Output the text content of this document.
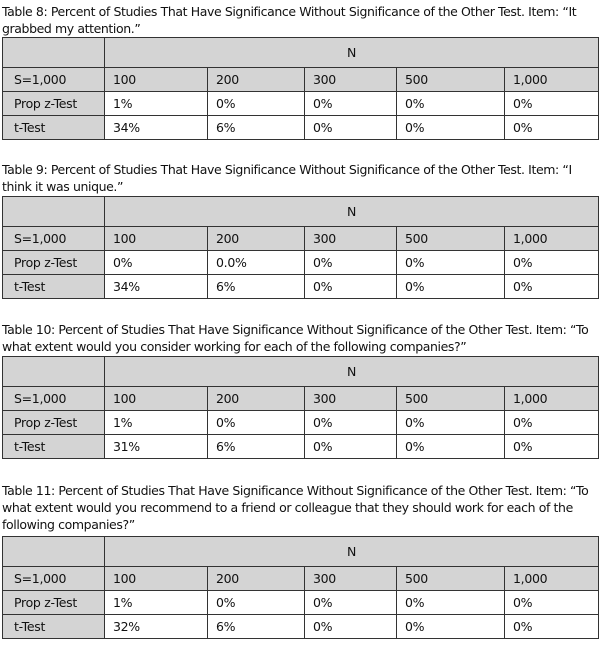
Table 8: Percent of Studies That Have Significance Without Significance of the Other Test. Item: “It grabbed my attention.”
	N				
S=1,000	100	200	300	500	1,000
Prop z-Test	1%	0%	0%	0%	0%
t-Test	34%	6%	0%	0%	0%
Table 9: Percent of Studies That Have Significance Without Significance of the Other Test. Item: “I think it was unique.”
	N				
S=1,000	100	200	300	500	1,000
Prop z-Test	0%	0.0%	0%	0%	0%
t-Test	34%	6%	0%	0%	0%
Table 10: Percent of Studies That Have Significance Without Significance of the Other Test. Item: “To what extent would you consider working for each of the following companies?”
	N				
S=1,000	100	200	300	500	1,000
Prop z-Test	1%	0%	0%	0%	0%
t-Test	31%	6%	0%	0%	0%
Table 11: Percent of Studies That Have Significance Without Significance of the Other Test. Item: “To what extent would you recommend to a friend or colleague that they should work for each of the following companies?”
	N				
S=1,000	100	200	300	500	1,000
Prop z-Test	1%	0%	0%	0%	0%
t-Test	32%	6%	0%	0%	0%
